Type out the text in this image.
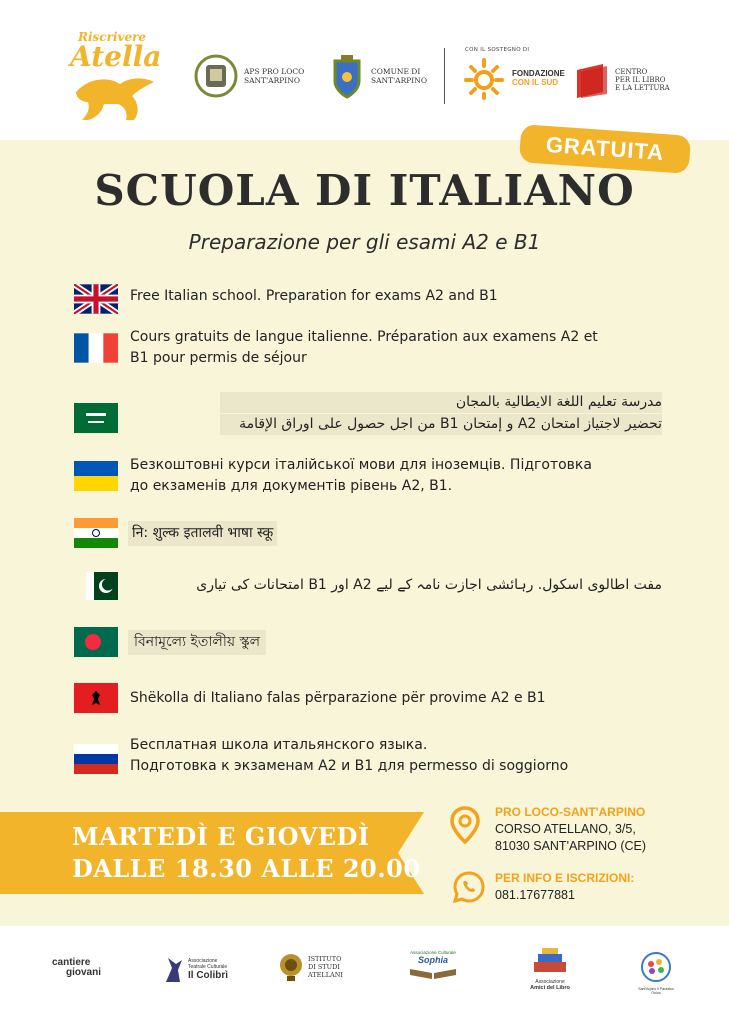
Riscrivere
Atella	APS PRO LOCO SANT'ARPINO
COMUNE DI SANT'ARPINO
CON IL SOSTEGNO DI
FONDAZIONE
CON IL SUD
CENTRO
PER IL LIBRO
E LA LETTURA
GRATUITA
SCUOLA DI ITALIANO
Preparazione per gli esami A2 e B1
Free Italian school. Preparation for exams A2 and B1
Cours gratuits de langue italienne. Préparation aux examens A2 et
B1 pour permis de séjour
مدرسة تعليم اللغة الايطالية بالمجان
تحضير لاجتياز امتحان A2 و إمتحان B1 من اجل حصول على اوراق الإقامة
Безкоштовні курси італійської мови для іноземців. Підготовка
до екзаменів для документів рівень А2, В1.
नि: शुल्क इतालवी भाषा स्कू
مفت اطالوی اسکول. رہائشی اجازت نامہ کے لیے A2 اور B1 امتحانات کی تیاری
বিনামূল্যে ইতালীয় স্কুল
Shëkolla di Italiano falas përparazione për provime A2 e B1
Бесплатная школа итальянского языка.
Подготовка к экзаменам А2 и В1 для permesso di soggiorno
MARTEDÌ E GIOVEDÌ
DALLE 18.30 ALLE 20.00
PRO LOCO-SANT'ARPINO
CORSO ATELLANO, 3/5,
81030 SANT'ARPINO (CE)
PER INFO E ISCRIZIONI:
081.17677881
cantiere
giovani
Associazione
Teatrale Culturale
Il Colibrì
ISTITUTO
DI STUDI
ATELLANI
Associazione Culturale
Sophia
Associazione
Amici del Libro	Sant'Arpino Il Paradiso Onlus
